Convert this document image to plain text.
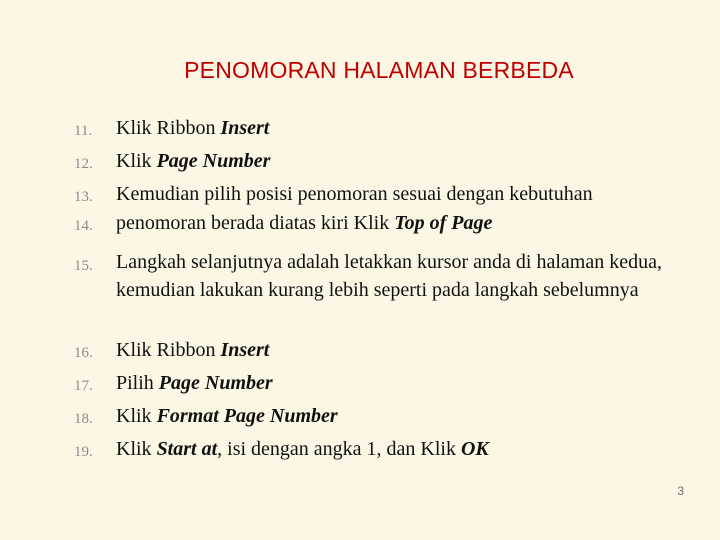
PENOMORAN HALAMAN BERBEDA
11.	Klik Ribbon Insert
12.	Klik Page Number
13.	Kemudian pilih posisi penomoran sesuai dengan kebutuhan
14.	penomoran berada diatas kiri Klik Top of Page
15.	Langkah selanjutnya adalah letakkan kursor anda di halaman kedua, kemudian lakukan kurang lebih seperti pada langkah sebelumnya
16.	Klik Ribbon Insert
17.	Pilih Page Number
18.	Klik Format Page Number
19.	Klik Start at, isi dengan angka 1, dan Klik OK
3
